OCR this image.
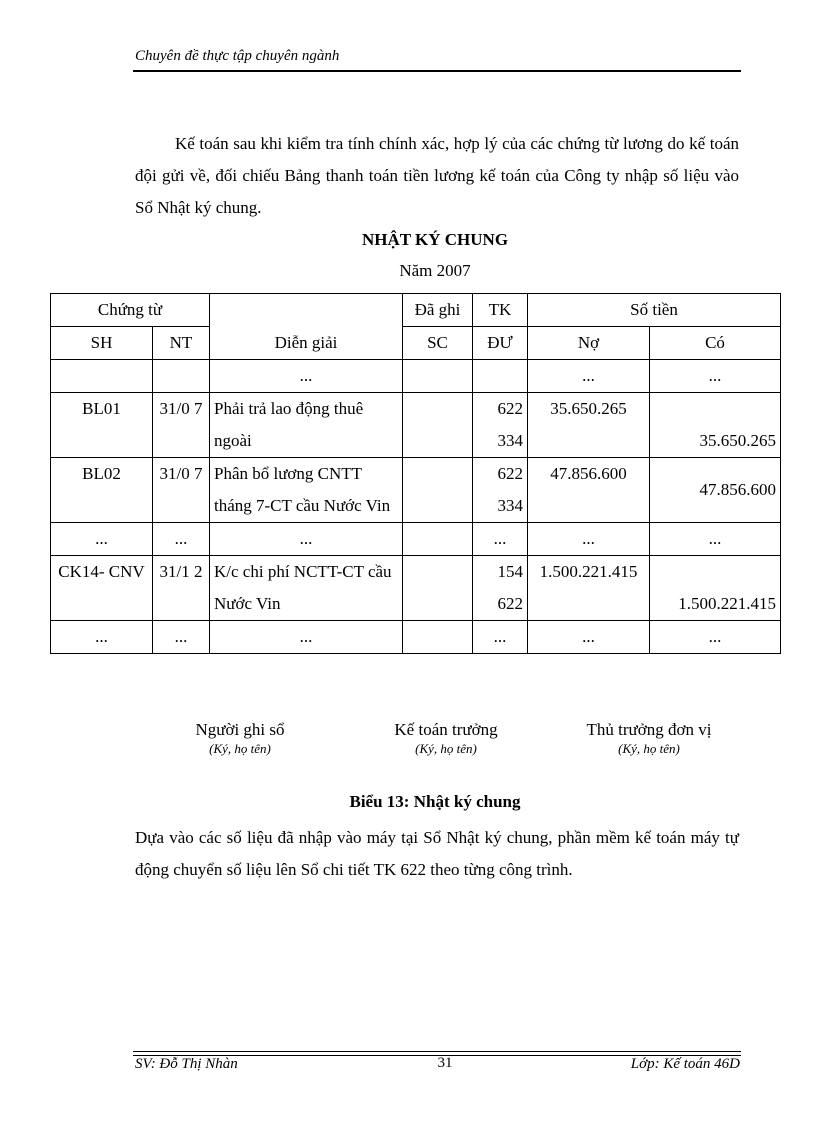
Chuyên đề thực tập chuyên ngành
Kế toán sau khi kiểm tra tính chính xác, hợp lý của các chứng từ lương do kế toán đội gửi về, đối chiếu Bảng thanh toán tiền lương kế toán của Công ty nhập số liệu vào Sổ Nhật ký chung.
NHẬT KÝ CHUNG
Năm 2007
Chứng từ		Diễn giải	Đã ghi	TK	Số tiền	
SH	NT		SC	ĐƯ	Nợ	Có
		...			...	...
BL01	31/0 7	Phải trả lao động thuê ngoài		622 334	35.650.265	35.650.265
BL02	31/0 7	Phân bổ lương CNTT tháng 7-CT cầu Nước Vin		622 334	47.856.600	47.856.600
...	...	...		...	...	...
CK14- CNV	31/1 2	K/c chi phí NCTT-CT cầu Nước Vin		154 622	1.500.221.415	1.500.221.415
...	...	...		...	...	...
Người ghi sổ
(Ký, họ tên)
Kế toán trưởng
(Ký, họ tên)
Thủ trưởng đơn vị
(Ký, họ tên)
Biểu 13: Nhật ký chung
Dựa vào các số liệu đã nhập vào máy tại Sổ Nhật ký chung, phần mềm kế toán máy tự động chuyển số liệu lên Sổ chi tiết TK 622 theo từng công trình.
SV: Đỗ Thị Nhàn	31	Lớp: Kế toán 46D
